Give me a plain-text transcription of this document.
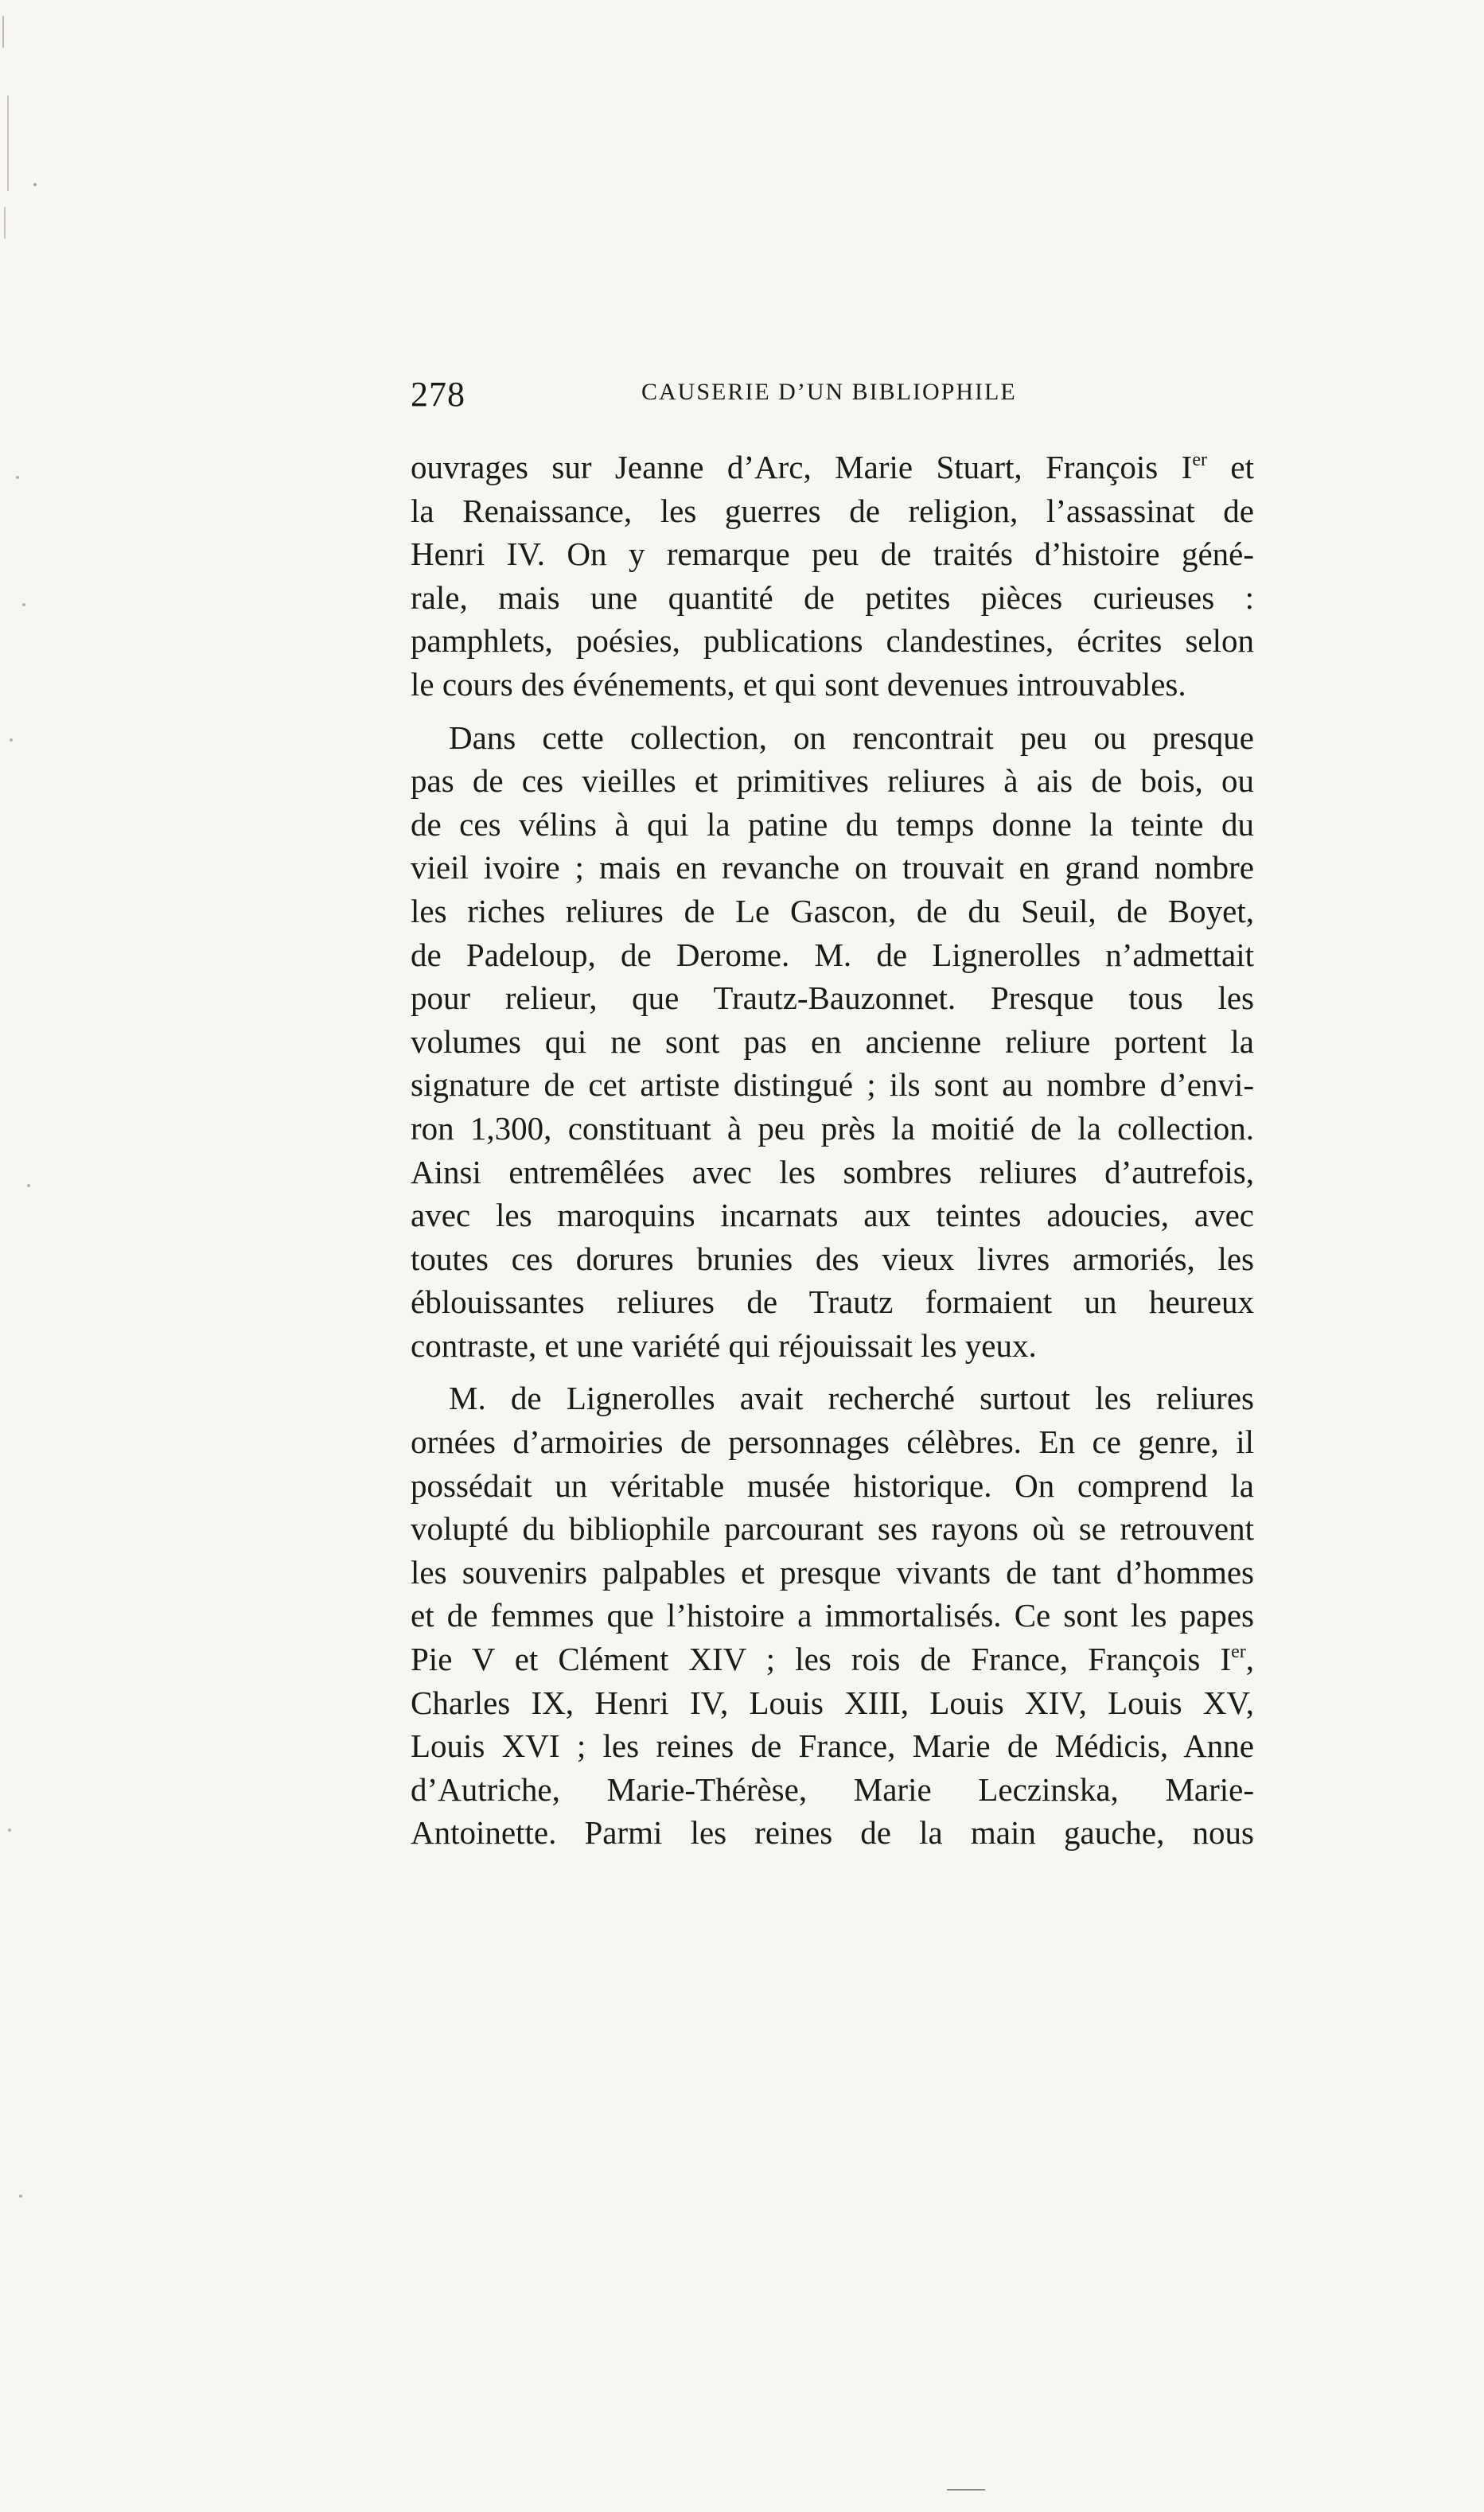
278	CAUSERIE D’UN BIBLIOPHILE
ouvrages sur Jeanne d’Arc, Marie Stuart, François Ier et
la Renaissance, les guerres de religion, l’assassinat de
Henri IV. On y remarque peu de traités d’histoire géné-
rale, mais une quantité de petites pièces curieuses :
pamphlets, poésies, publications clandestines, écrites selon
le cours des événements, et qui sont devenues introuvables.
Dans cette collection, on rencontrait peu ou presque
pas de ces vieilles et primitives reliures à ais de bois, ou
de ces vélins à qui la patine du temps donne la teinte du
vieil ivoire ; mais en revanche on trouvait en grand nombre
les riches reliures de Le Gascon, de du Seuil, de Boyet,
de Padeloup, de Derome. M. de Lignerolles n’admettait
pour relieur, que Trautz-Bauzonnet. Presque tous les
volumes qui ne sont pas en ancienne reliure portent la
signature de cet artiste distingué ; ils sont au nombre d’envi-
ron 1,300, constituant à peu près la moitié de la collection.
Ainsi entremêlées avec les sombres reliures d’autrefois,
avec les maroquins incarnats aux teintes adoucies, avec
toutes ces dorures brunies des vieux livres armoriés, les
éblouissantes reliures de Trautz formaient un heureux
contraste, et une variété qui réjouissait les yeux.
M. de Lignerolles avait recherché surtout les reliures
ornées d’armoiries de personnages célèbres. En ce genre, il
possédait un véritable musée historique. On comprend la
volupté du bibliophile parcourant ses rayons où se retrouvent
les souvenirs palpables et presque vivants de tant d’hommes
et de femmes que l’histoire a immortalisés. Ce sont les papes
Pie V et Clément XIV ; les rois de France, François Ier,
Charles IX, Henri IV, Louis XIII, Louis XIV, Louis XV,
Louis XVI ; les reines de France, Marie de Médicis, Anne
d’Autriche, Marie-Thérèse, Marie Leczinska, Marie-
Antoinette. Parmi les reines de la main gauche, nous
